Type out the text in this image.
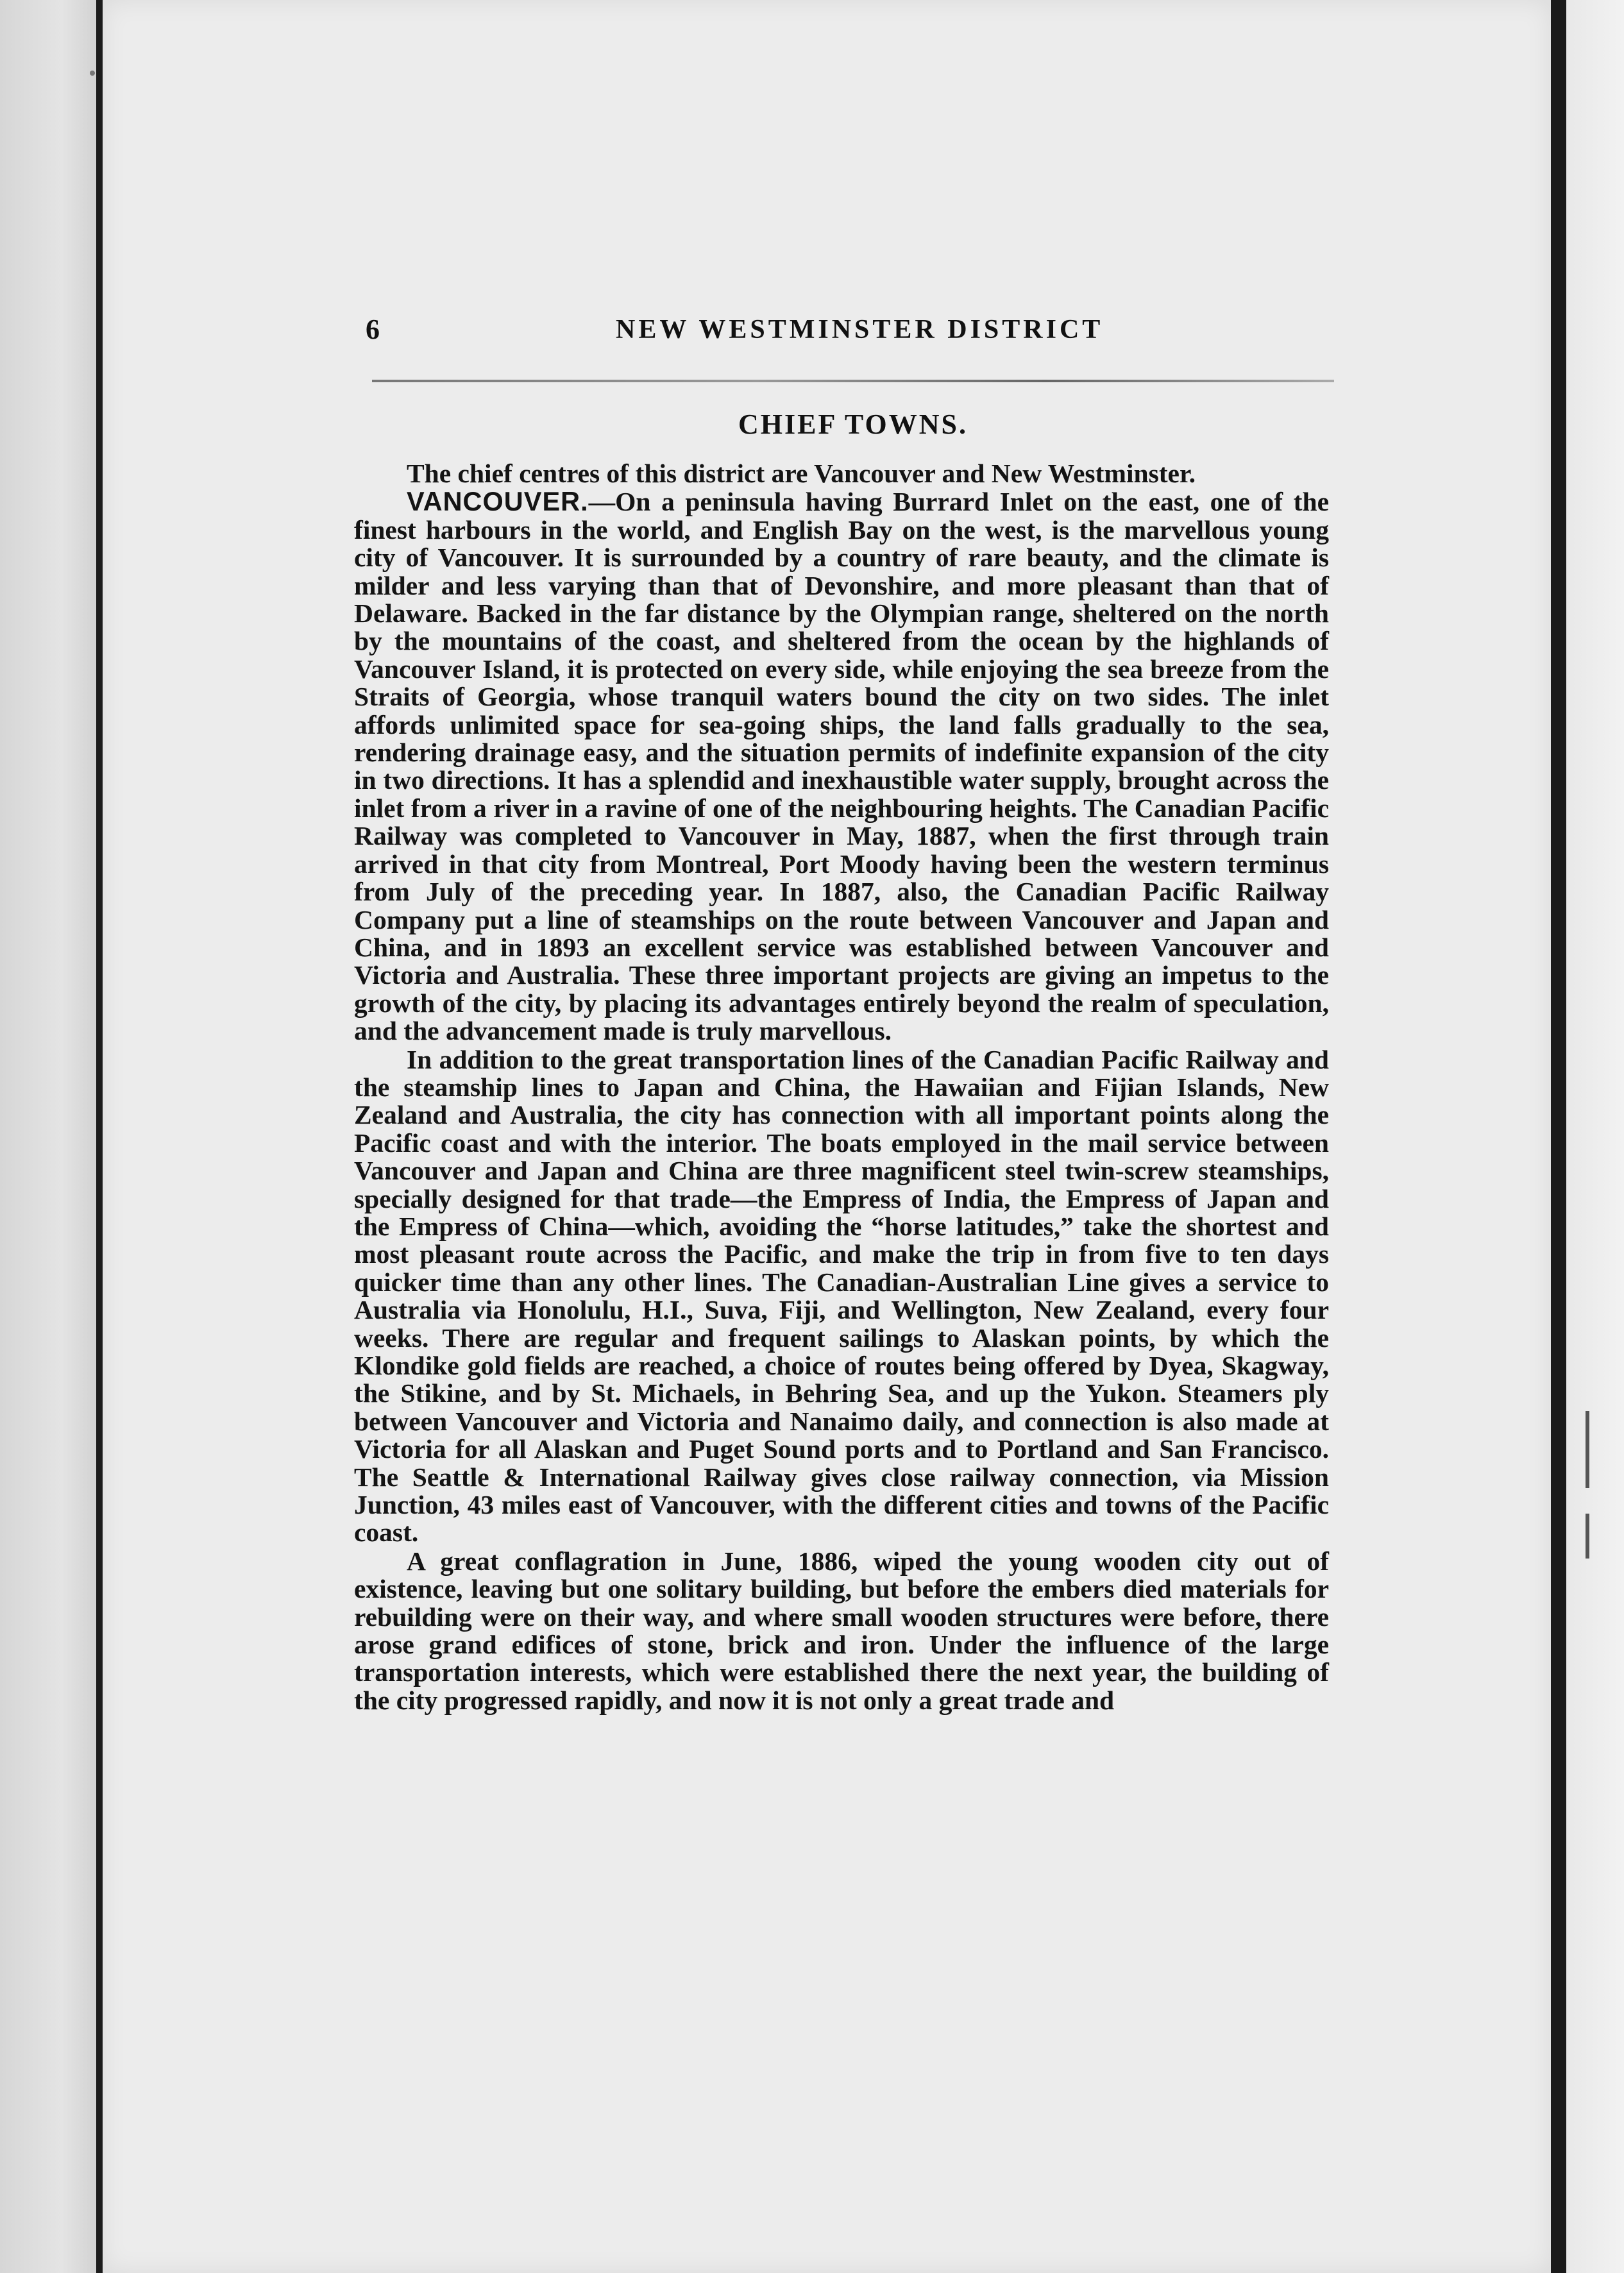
6	NEW WESTMINSTER DISTRICT
CHIEF TOWNS.

The chief centres of this district are Vancouver and New Westminster.

VANCOUVER.—On a peninsula having Burrard Inlet on the east, one of the finest harbours in the world, and English Bay on the west, is the marvellous young city of Vancouver. It is surrounded by a country of rare beauty, and the climate is milder and less varying than that of Devonshire, and more pleasant than that of Delaware. Backed in the far distance by the Olympian range, sheltered on the north by the mountains of the coast, and sheltered from the ocean by the highlands of Vancouver Island, it is protected on every side, while enjoying the sea breeze from the Straits of Georgia, whose tranquil waters bound the city on two sides. The inlet affords unlimited space for sea-going ships, the land falls gradually to the sea, rendering drainage easy, and the situation permits of indefinite expansion of the city in two directions. It has a splendid and inexhaustible water supply, brought across the inlet from a river in a ravine of one of the neighbouring heights. The Canadian Pacific Railway was completed to Vancouver in May, 1887, when the first through train arrived in that city from Montreal, Port Moody having been the western terminus from July of the preceding year. In 1887, also, the Canadian Pacific Railway Company put a line of steamships on the route between Vancouver and Japan and China, and in 1893 an excellent service was established between Vancouver and Victoria and Australia. These three important projects are giving an impetus to the growth of the city, by placing its advantages entirely beyond the realm of speculation, and the advancement made is truly marvellous.

In addition to the great transportation lines of the Canadian Pacific Railway and the steamship lines to Japan and China, the Hawaiian and Fijian Islands, New Zealand and Australia, the city has connection with all important points along the Pacific coast and with the interior. The boats employed in the mail service between Vancouver and Japan and China are three magnificent steel twin-screw steamships, specially designed for that trade—the Empress of India, the Empress of Japan and the Empress of China—which, avoiding the “horse latitudes,” take the shortest and most pleasant route across the Pacific, and make the trip in from five to ten days quicker time than any other lines. The Canadian-Australian Line gives a service to Australia via Honolulu, H.I., Suva, Fiji, and Wellington, New Zealand, every four weeks. There are regular and frequent sailings to Alaskan points, by which the Klondike gold fields are reached, a choice of routes being offered by Dyea, Skagway, the Stikine, and by St. Michaels, in Behring Sea, and up the Yukon. Steamers ply between Vancouver and Victoria and Nanaimo daily, and connection is also made at Victoria for all Alaskan and Puget Sound ports and to Portland and San Francisco. The Seattle & International Railway gives close railway connection, via Mission Junction, 43 miles east of Vancouver, with the different cities and towns of the Pacific coast.

A great conflagration in June, 1886, wiped the young wooden city out of existence, leaving but one solitary building, but before the embers died materials for rebuilding were on their way, and where small wooden structures were before, there arose grand edifices of stone, brick and iron. Under the influence of the large transportation interests, which were established there the next year, the building of the city progressed rapidly, and now it is not only a great trade and
